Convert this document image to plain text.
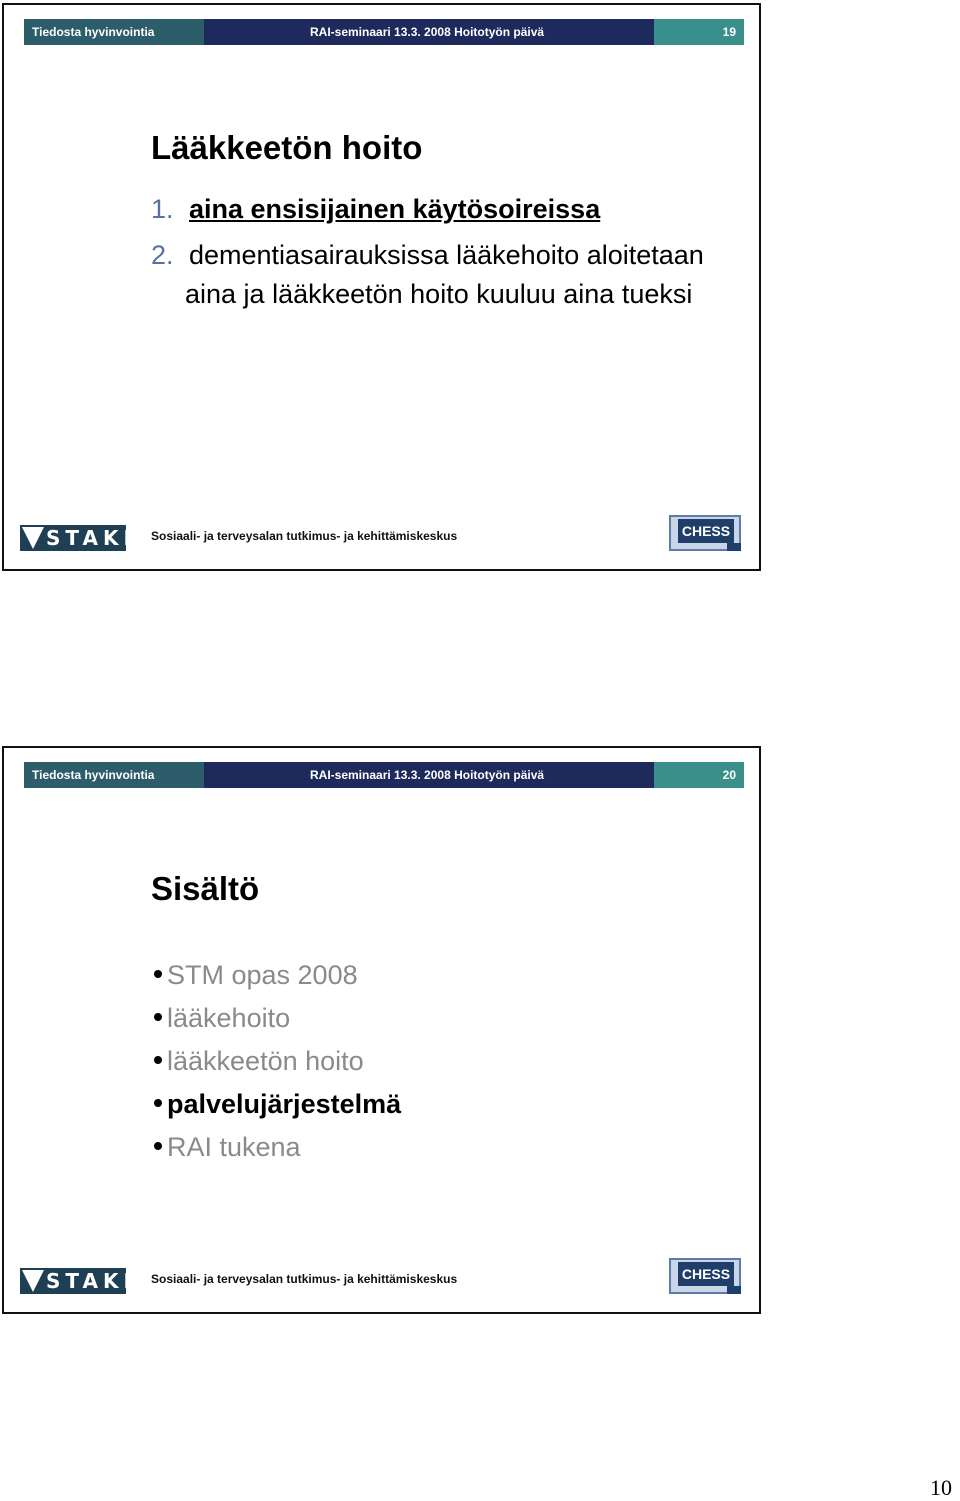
Tiedosta hyvinvointia	RAI-seminaari 13.3. 2008 Hoitotyön päivä	19
Lääkkeetön hoito
1. aina ensisijainen käytösoireissa
2. dementiasairauksissa lääkehoito aloitetaan
aina ja lääkkeetön hoito kuuluu aina tueksi
STAKES
Sosiaali- ja terveysalan tutkimus- ja kehittämiskeskus	CHESS
Tiedosta hyvinvointia	RAI-seminaari 13.3. 2008 Hoitotyön päivä	20
Sisältö
STM opas 2008
lääkehoito
lääkkeetön hoito
palvelujärjestelmä
RAI tukena
STAKES
Sosiaali- ja terveysalan tutkimus- ja kehittämiskeskus	CHESS
10
